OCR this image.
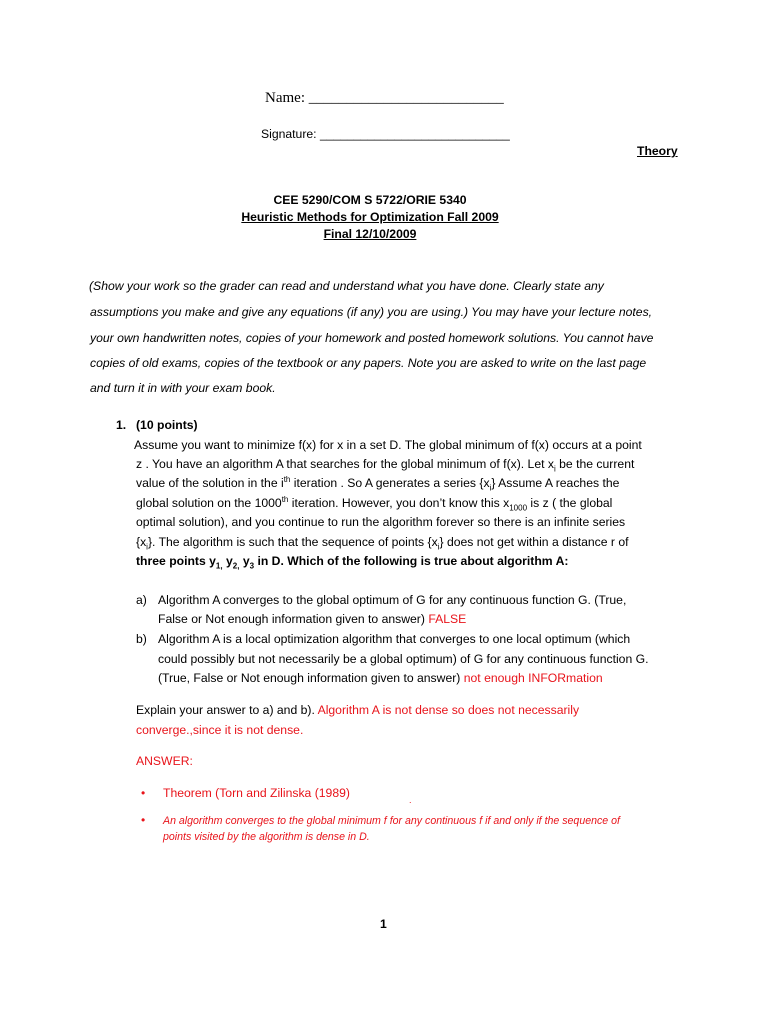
Name: __________________________
Signature: ____________________________
Theory
CEE 5290/COM S 5722/ORIE 5340
Heuristic Methods for Optimization Fall 2009
Final 12/10/2009
(Show your work so the grader can read and understand what you have done. Clearly state any
assumptions you make and give any equations (if any) you are using.) You may have your lecture notes,
your own handwritten notes, copies of your homework and posted homework solutions. You cannot have
copies of old exams, copies of the textbook or any papers. Note you are asked to write on the last page
and turn it in with your exam book.
1. (10 points)
Assume you want to minimize f(x) for x in a set D. The global minimum of f(x) occurs at a point
z . You have an algorithm A that searches for the global minimum of f(x). Let $x_i$ be the current
value of the solution in the $i^{th}$ iteration . So A generates a series $\{x_i\}$ Assume A reaches the
global solution on the 1000th iteration. However, you don’t know this $x_{1000}$ is z ( the global
optimal solution), and you continue to run the algorithm forever so there is an infinite series
$\{x_i\}$. The algorithm is such that the sequence of points $\{x_i\}$ does not get within a distance r of
three points $y_{1,}$ $y_{2,}$ $y_3$ in D. Which of the following is true about algorithm A:
a) Algorithm A converges to the global optimum of G for any continuous function G. (True,
False or Not enough information given to answer) FALSE
b) Algorithm A is a local optimization algorithm that converges to one local optimum (which
could possibly but not necessarily be a global optimum) of G for any continuous function G.
(True, False or Not enough information given to answer) not enough INFORmation
Explain your answer to a) and b). Algorithm A is not dense so does not necessarily
converge.,since it is not dense.
ANSWER:
• Theorem (Torn and Zilinska (1989)	.
• An algorithm converges to the global minimum f for any continuous f if and only if the sequence of
points visited by the algorithm is dense in D.
1
